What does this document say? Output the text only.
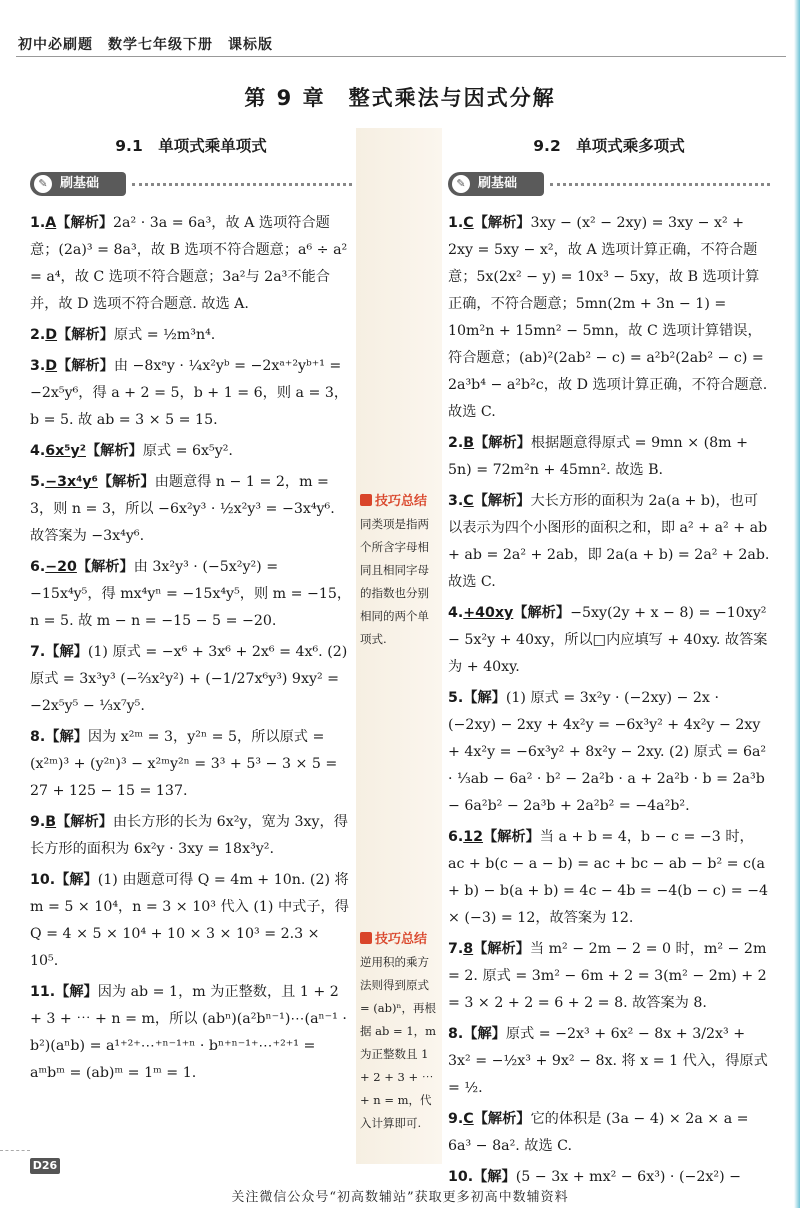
初中必刷题　数学七年级下册　课标版
第 9 章　整式乘法与因式分解
9.1　单项式乘单项式
✎ 刷基础
1.A【解析】2a² · 3a = 6a³，故 A 选项符合题意；(2a)³ = 8a³，故 B 选项不符合题意；a⁶ ÷ a² = a⁴，故 C 选项不符合题意；3a²与 2a³不能合并，故 D 选项不符合题意. 故选 A.
2.D【解析】原式 = ½m³n⁴.
3.D【解析】由 −8xᵃy · ¼x²yᵇ = −2xᵃ⁺²yᵇ⁺¹ = −2x⁵y⁶，得 a + 2 = 5，b + 1 = 6，则 a = 3，b = 5. 故 ab = 3 × 5 = 15.
4.6x⁵y²【解析】原式 = 6x⁵y².
5.−3x⁴y⁶【解析】由题意得 n − 1 = 2，m = 3，则 n = 3，所以 −6x²y³ · ½x²y³ = −3x⁴y⁶. 故答案为 −3x⁴y⁶.
6.−20【解析】由 3x²y³ · (−5x²y²) = −15x⁴y⁵，得 mx⁴yⁿ = −15x⁴y⁵，则 m = −15，n = 5. 故 m − n = −15 − 5 = −20.
7.【解】(1) 原式 = −x⁶ + 3x⁶ + 2x⁶ = 4x⁶. (2) 原式 = 3x³y³ (−⅔x²y²) + (−1/27x⁶y³) 9xy² = −2x⁵y⁵ − ⅓x⁷y⁵.
8.【解】因为 x²ᵐ = 3，y²ⁿ = 5，所以原式 = (x²ᵐ)³ + (y²ⁿ)³ − x²ᵐy²ⁿ = 3³ + 5³ − 3 × 5 = 27 + 125 − 15 = 137.
9.B【解析】由长方形的长为 6x²y，宽为 3xy，得长方形的面积为 6x²y · 3xy = 18x³y².
10.【解】(1) 由题意可得 Q = 4m + 10n. (2) 将 m = 5 × 10⁴，n = 3 × 10³ 代入 (1) 中式子，得 Q = 4 × 5 × 10⁴ + 10 × 3 × 10³ = 2.3 × 10⁵.
11.【解】因为 ab = 1，m 为正整数，且 1 + 2 + 3 + ⋯ + n = m，所以 (abⁿ)(a²bⁿ⁻¹)⋯(aⁿ⁻¹ · b²)(aⁿb) = a¹⁺²⁺⋯⁺ⁿ⁻¹⁺ⁿ · bⁿ⁺ⁿ⁻¹⁺⋯⁺²⁺¹ = aᵐbᵐ = (ab)ᵐ = 1ᵐ = 1.
9.2　单项式乘多项式
✎ 刷基础
1.C【解析】3xy − (x² − 2xy) = 3xy − x² + 2xy = 5xy − x²，故 A 选项计算正确，不符合题意；5x(2x² − y) = 10x³ − 5xy，故 B 选项计算正确，不符合题意；5mn(2m + 3n − 1) = 10m²n + 15mn² − 5mn，故 C 选项计算错误，符合题意；(ab)²(2ab² − c) = a²b²(2ab² − c) = 2a³b⁴ − a²b²c，故 D 选项计算正确，不符合题意. 故选 C.
2.B【解析】根据题意得原式 = 9mn × (8m + 5n) = 72m²n + 45mn². 故选 B.
3.C【解析】大长方形的面积为 2a(a + b)，也可以表示为四个小图形的面积之和，即 a² + a² + ab + ab = 2a² + 2ab，即 2a(a + b) = 2a² + 2ab. 故选 C.
4.+40xy【解析】−5xy(2y + x − 8) = −10xy² − 5x²y + 40xy，所以□内应填写 + 40xy. 故答案为 + 40xy.
5.【解】(1) 原式 = 3x²y · (−2xy) − 2x · (−2xy) − 2xy + 4x²y = −6x³y² + 4x²y − 2xy + 4x²y = −6x³y² + 8x²y − 2xy. (2) 原式 = 6a² · ⅓ab − 6a² · b² − 2a²b · a + 2a²b · b = 2a³b − 6a²b² − 2a³b + 2a²b² = −4a²b².
6.12【解析】当 a + b = 4，b − c = −3 时，ac + b(c − a − b) = ac + bc − ab − b² = c(a + b) − b(a + b) = 4c − 4b = −4(b − c) = −4 × (−3) = 12，故答案为 12.
7.8【解析】当 m² − 2m − 2 = 0 时，m² − 2m = 2. 原式 = 3m² − 6m + 2 = 3(m² − 2m) + 2 = 3 × 2 + 2 = 6 + 2 = 8. 故答案为 8.
8.【解】原式 = −2x³ + 6x² − 8x + 3/2x³ + 3x² = −½x³ + 9x² − 8x. 将 x = 1 代入，得原式 = ½.
9.C【解析】它的体积是 (3a − 4) × 2a × a = 6a³ − 8a². 故选 C.
10.【解】(5 − 3x + mx² − 6x³) · (−2x²) −
技巧总结
同类项是指两个所含字母相同且相同字母的指数也分别相同的两个单项式.
技巧总结
逆用积的乘方法则得到原式 = (ab)ⁿ，再根据 ab = 1，m 为正整数且 1 + 2 + 3 + ⋯ + n = m，代入计算即可.
D26
关注微信公众号“初高数辅站”获取更多初高中数辅资料
